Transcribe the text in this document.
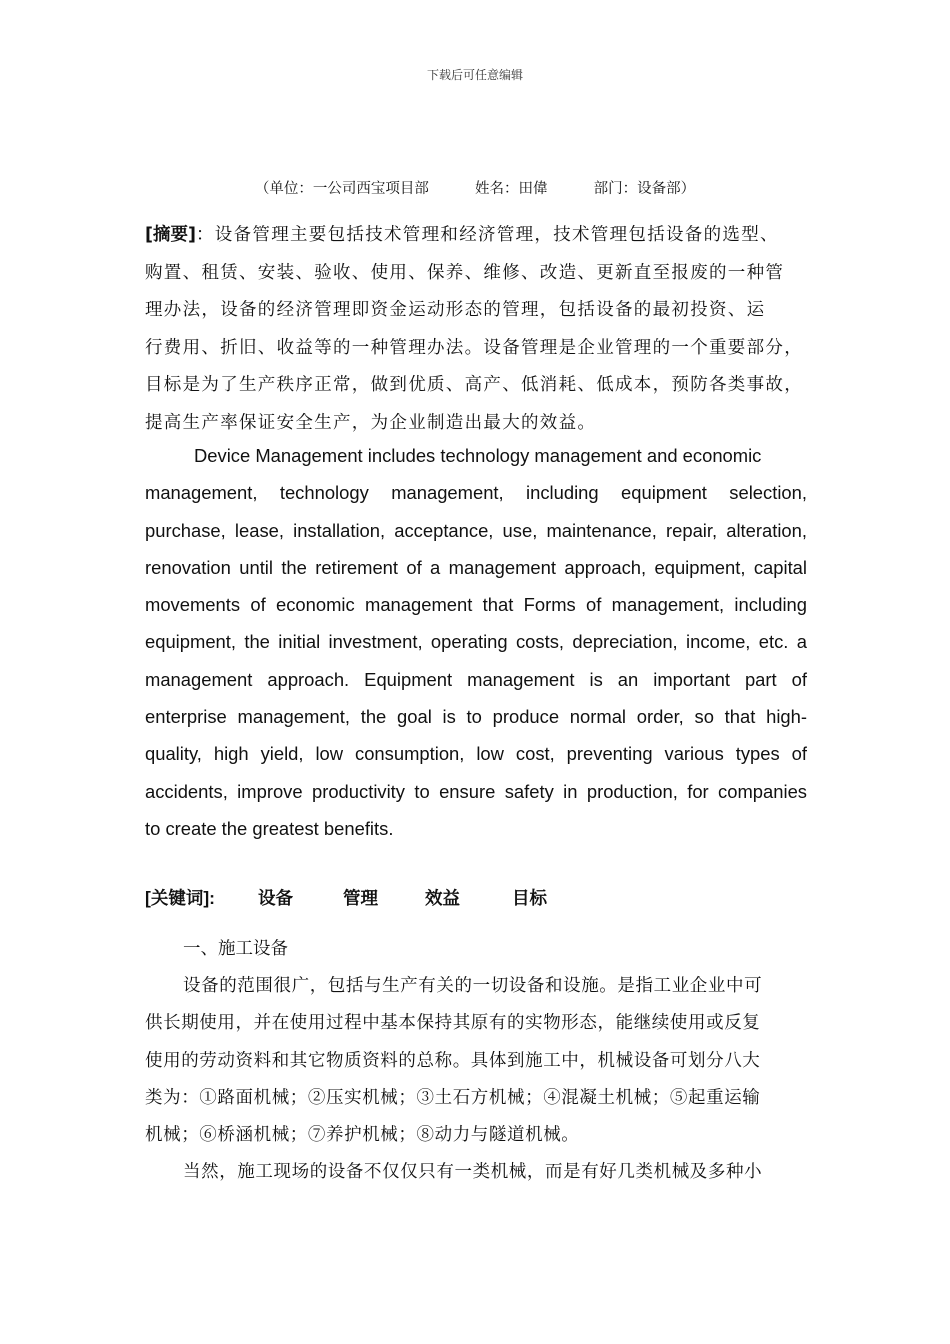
下载后可任意编辑
（单位：一公司西宝项目部          姓名：田偉          部门：设备部）
[摘要]：设备管理主要包括技术管理和经济管理，技术管理包括设备的选型、
购置、租赁、安装、验收、使用、保养、维修、改造、更新直至报废的一种管
理办法，设备的经济管理即资金运动形态的管理，包括设备的最初投资、运
行费用、折旧、收益等的一种管理办法。设备管理是企业管理的一个重要部分，
目标是为了生产秩序正常，做到优质、高产、低消耗、低成本，预防各类事故，
提高生产率保证安全生产，为企业制造出最大的效益。
Device Management includes technology management and economic
management, technology management, including equipment selection,
purchase, lease, installation, acceptance, use, maintenance, repair, alteration,
renovation until the retirement of a management approach, equipment, capital
movements of economic management that Forms of management, including
equipment, the initial investment, operating costs, depreciation, income, etc. a
management approach. Equipment management is an important part of
enterprise management, the goal is to produce normal order, so that high-
quality, high yield, low consumption, low cost, preventing various types of
accidents, improve productivity to ensure safety in production, for companies
to create the greatest benefits.
[关键词]: 设备	管理	效益	目标
一、施工设备
设备的范围很广，包括与生产有关的一切设备和设施。是指工业企业中可
供长期使用，并在使用过程中基本保持其原有的实物形态，能继续使用或反复
使用的劳动资料和其它物质资料的总称。具体到施工中，机械设备可划分八大
类为：①路面机械；②压实机械；③土石方机械；④混凝土机械；⑤起重运输
机械；⑥桥涵机械；⑦养护机械；⑧动力与隧道机械。
当然，施工现场的设备不仅仅只有一类机械，而是有好几类机械及多种小
